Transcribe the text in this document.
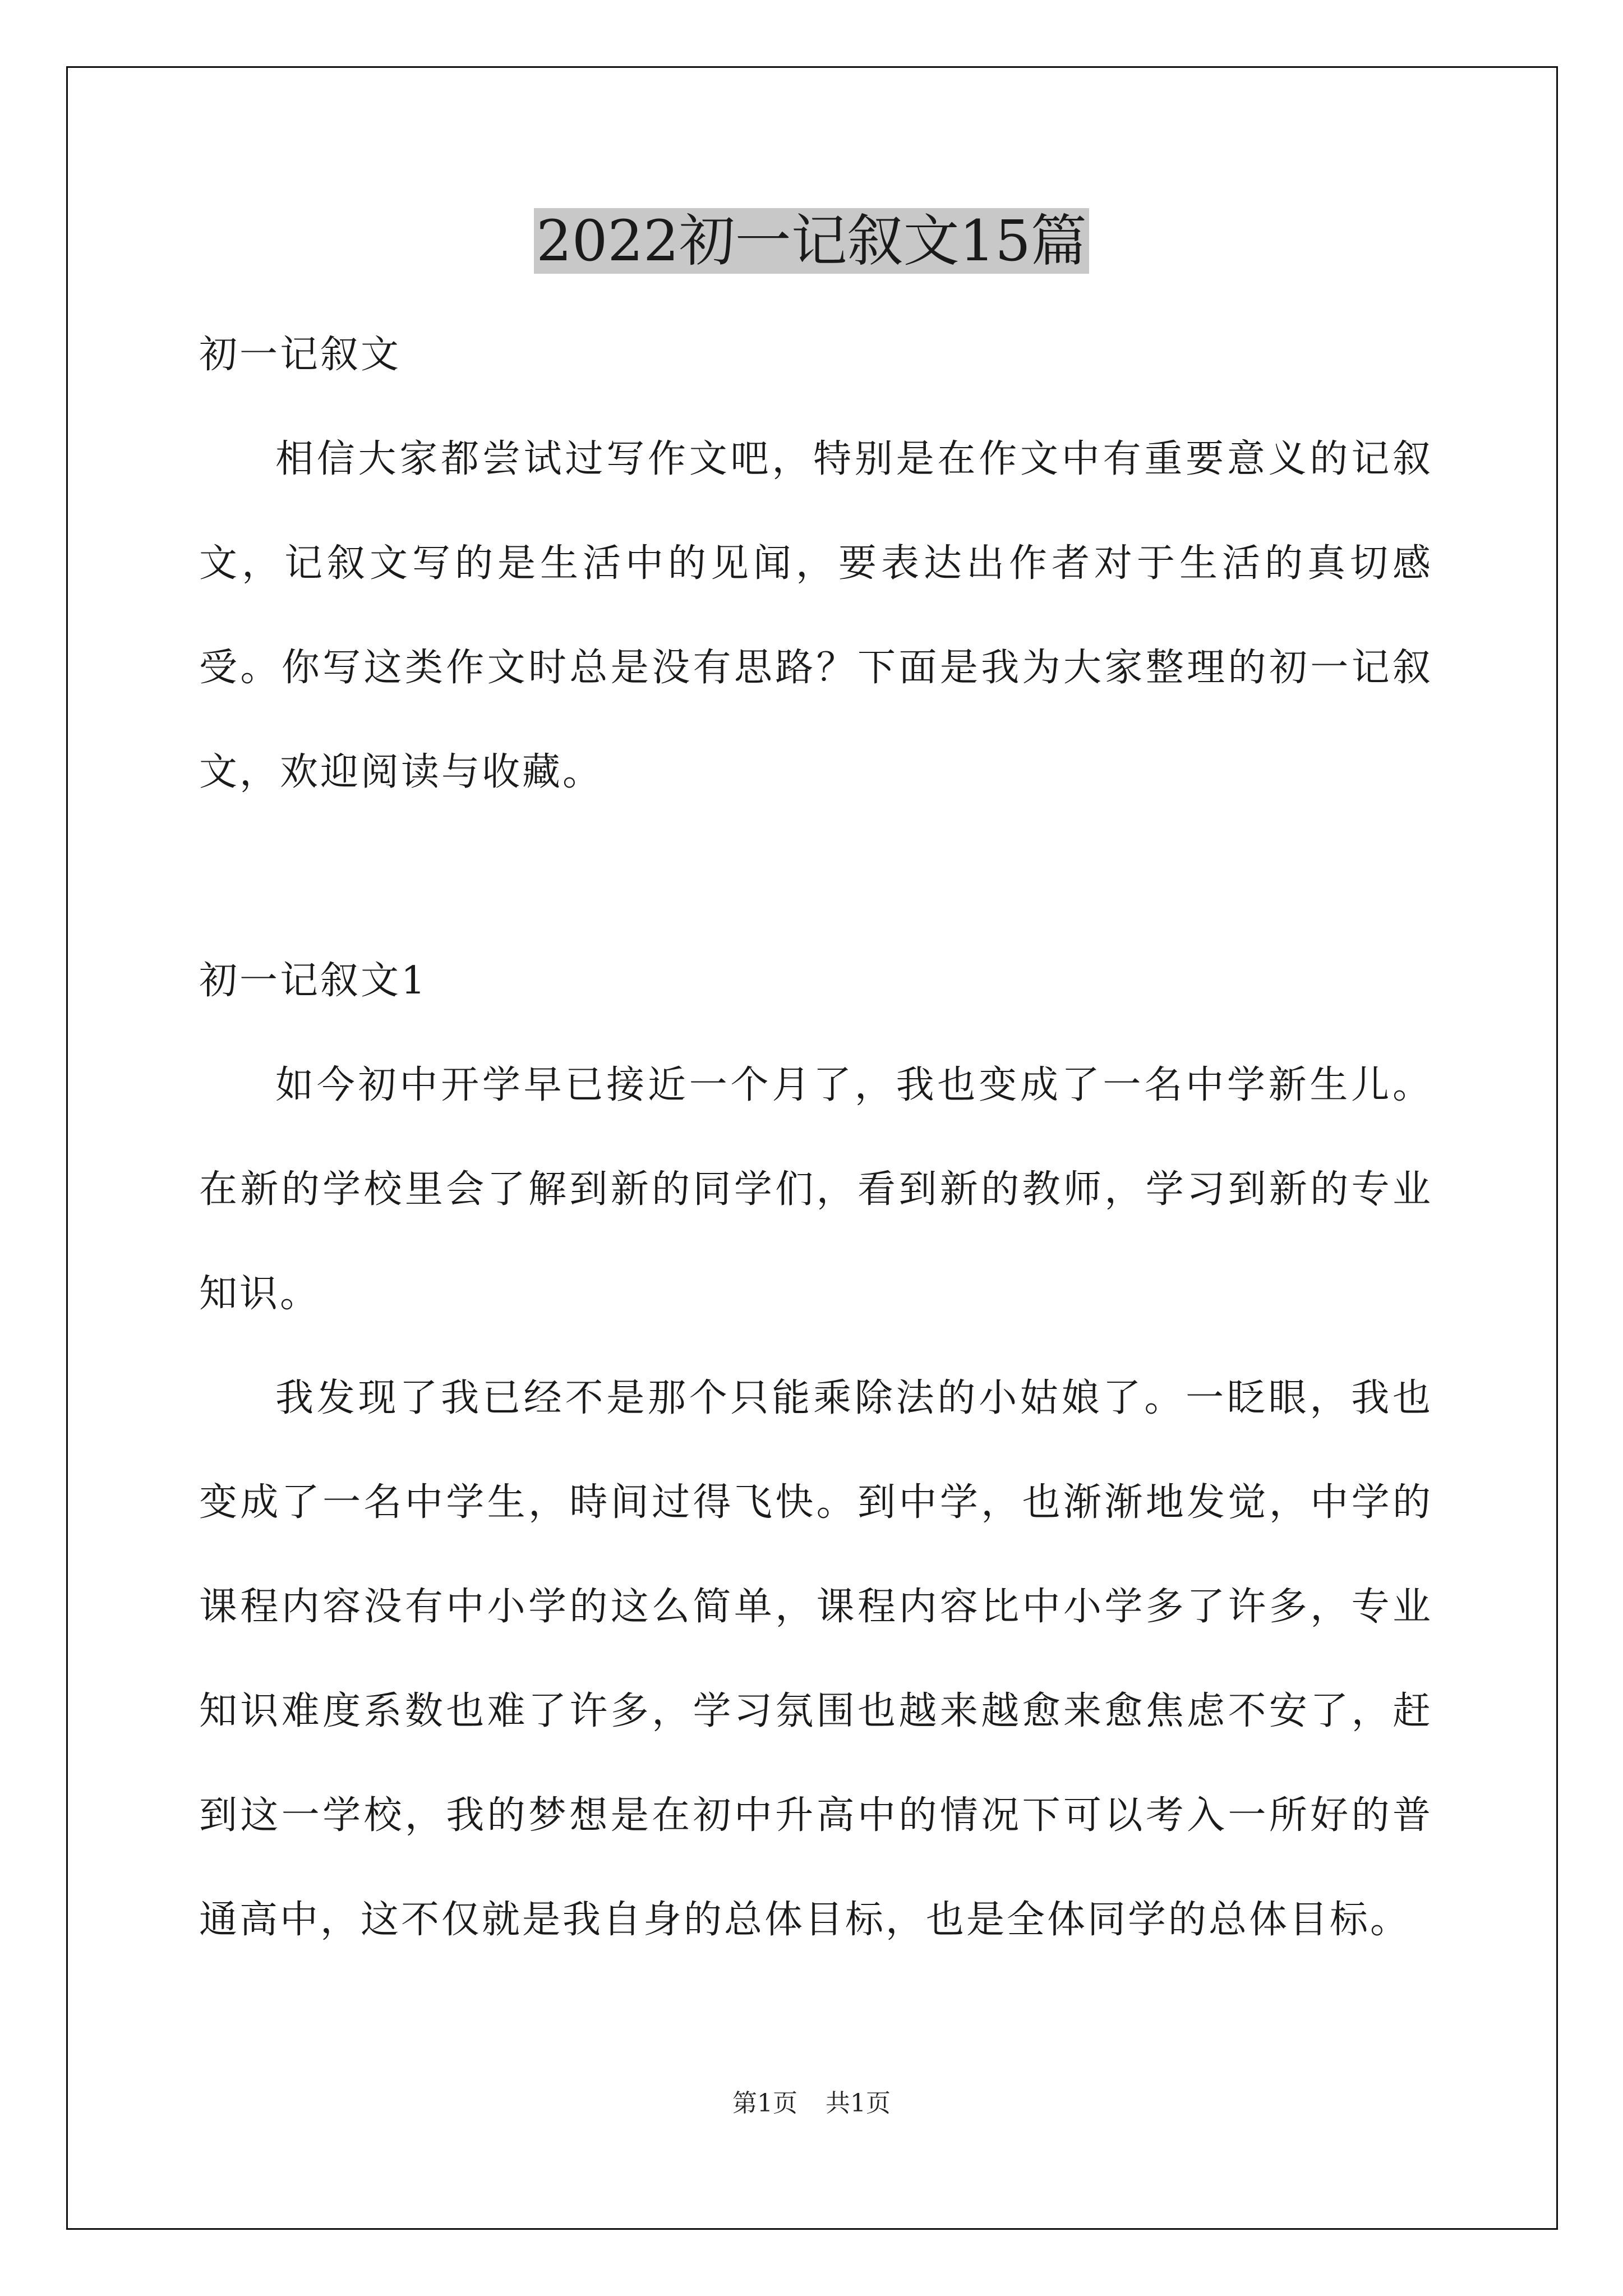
2022初一记叙文15篇

初一记叙文

相信大家都尝试过写作文吧，特别是在作文中有重要意义的记叙文，记叙文写的是生活中的见闻，要表达出作者对于生活的真切感受。你写这类作文时总是没有思路？下面是我为大家整理的初一记叙文，欢迎阅读与收藏。

初一记叙文1

如今初中开学早已接近一个月了，我也变成了一名中学新生儿。在新的学校里会了解到新的同学们，看到新的教师，学习到新的专业知识。

我发现了我已经不是那个只能乘除法的小姑娘了。一眨眼，我也变成了一名中学生，時间过得飞快。到中学，也渐渐地发觉，中学的课程内容没有中小学的这么简单，课程内容比中小学多了许多，专业知识难度系数也难了许多，学习氛围也越来越愈来愈焦虑不安了，赶到这一学校，我的梦想是在初中升高中的情况下可以考入一所好的普通高中，这不仅就是我自身的总体目标，也是全体同学的总体目标。

第1页 共1页
